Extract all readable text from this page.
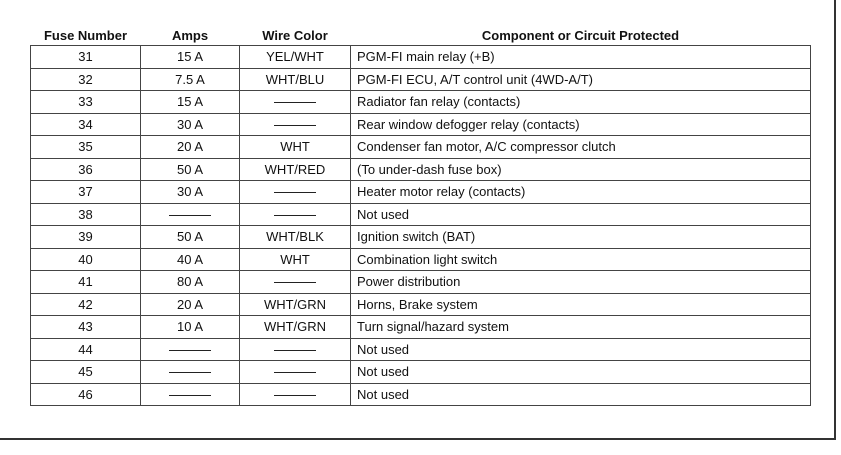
Fuse Number	Amps	Wire Color	Component or Circuit Protected
31	15 A	YEL/WHT	PGM-FI main relay (+B)
32	7.5 A	WHT/BLU	PGM-FI ECU, A/T control unit (4WD-A/T)
33	15 A		Radiator fan relay (contacts)
34	30 A		Rear window defogger relay (contacts)
35	20 A	WHT	Condenser fan motor, A/C compressor clutch
36	50 A	WHT/RED	(To under-dash fuse box)
37	30 A		Heater motor relay (contacts)
38			Not used
39	50 A	WHT/BLK	Ignition switch (BAT)
40	40 A	WHT	Combination light switch
41	80 A		Power distribution
42	20 A	WHT/GRN	Horns, Brake system
43	10 A	WHT/GRN	Turn signal/hazard system
44			Not used
45			Not used
46			Not used
